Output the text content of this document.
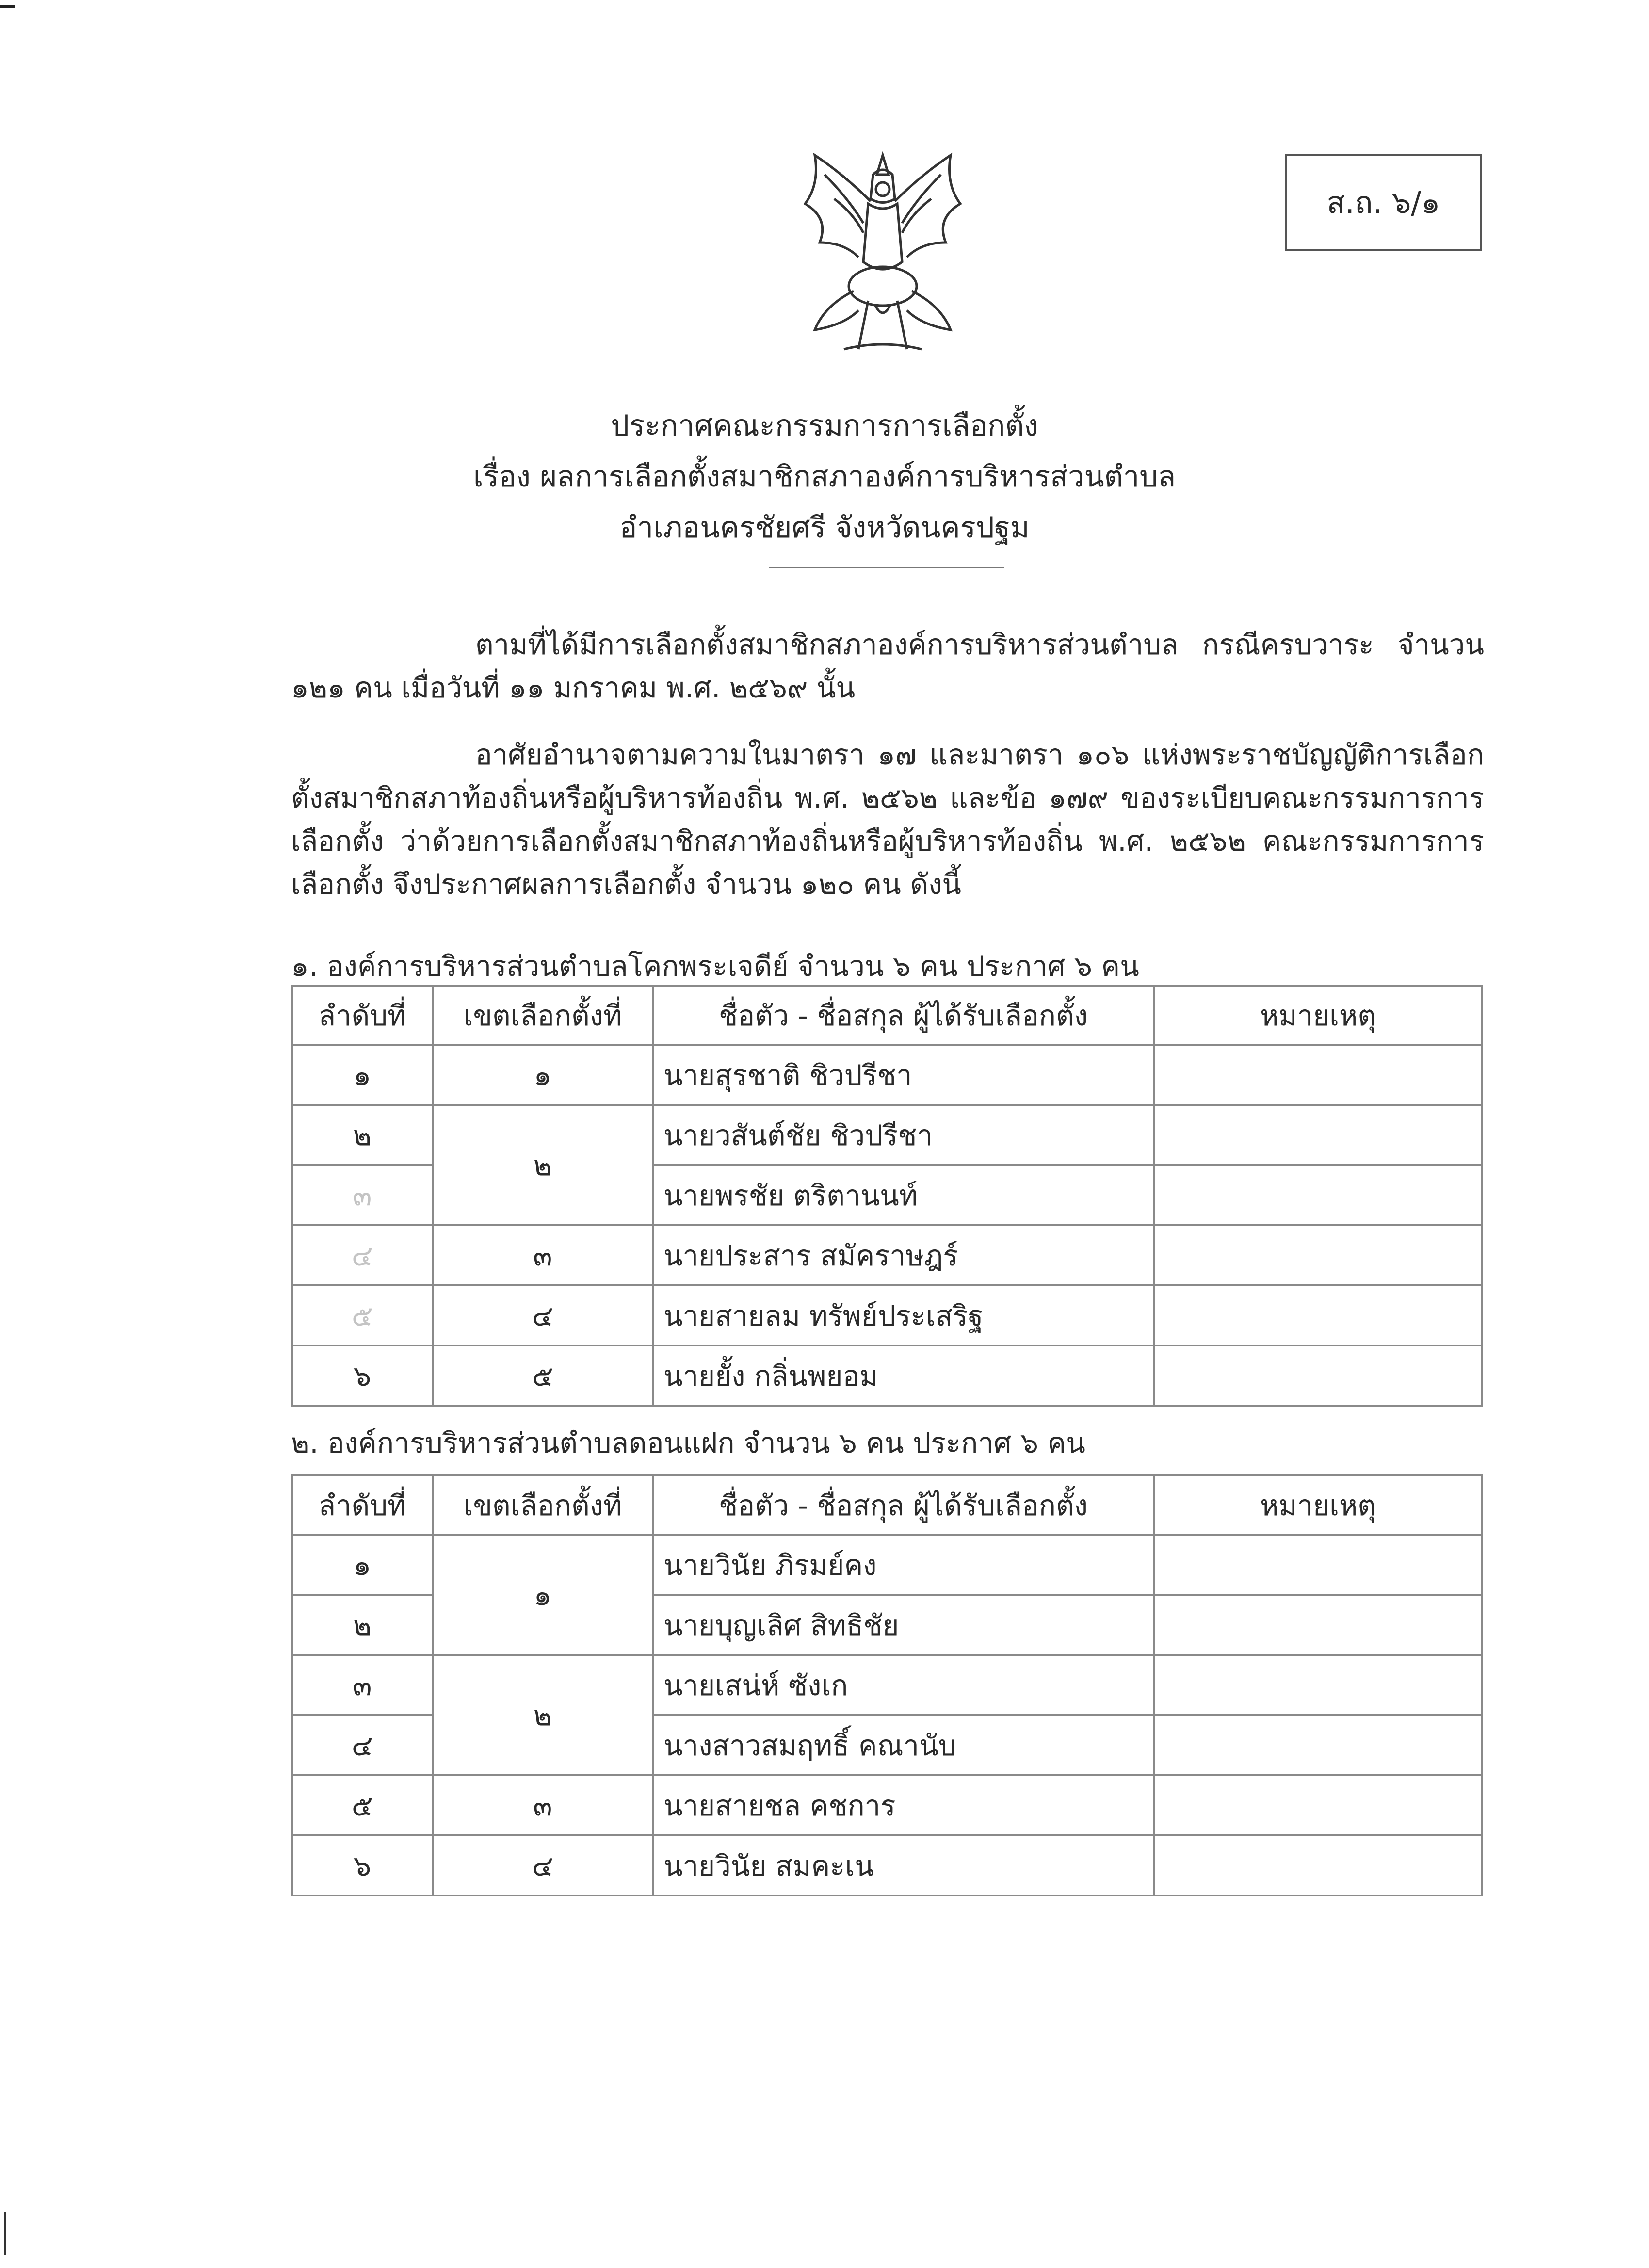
ส.ถ. ๖/๑
ประกาศคณะกรรมการการเลือกตั้ง
เรื่อง ผลการเลือกตั้งสมาชิกสภาองค์การบริหารส่วนตำบล
อำเภอนครชัยศรี จังหวัดนครปฐม
ตามที่ได้มีการเลือกตั้งสมาชิกสภาองค์การบริหารส่วนตำบล กรณีครบวาระ จำนวน ๑๒๑ คน เมื่อวันที่ ๑๑ มกราคม พ.ศ. ๒๕๖๙ นั้น
อาศัยอำนาจตามความในมาตรา ๑๗ และมาตรา ๑๐๖ แห่งพระราชบัญญัติการเลือกตั้งสมาชิกสภาท้องถิ่นหรือผู้บริหารท้องถิ่น พ.ศ. ๒๕๖๒ และข้อ ๑๗๙ ของระเบียบคณะกรรมการการเลือกตั้ง ว่าด้วยการเลือกตั้งสมาชิกสภาท้องถิ่นหรือผู้บริหารท้องถิ่น พ.ศ. ๒๕๖๒ คณะกรรมการการเลือกตั้ง จึงประกาศผลการเลือกตั้ง จำนวน ๑๒๐ คน ดังนี้
๑. องค์การบริหารส่วนตำบลโคกพระเจดีย์ จำนวน ๖ คน ประกาศ ๖ คน
ลำดับที่	เขตเลือกตั้งที่	ชื่อตัว - ชื่อสกุล ผู้ได้รับเลือกตั้ง	หมายเหตุ
๑	๑	นายสุรชาติ ชิวปรีชา	
๒	๒	นายวสันต์ชัย ชิวปรีชา	
๓		นายพรชัย ตริตานนท์	
๔	๓	นายประสาร สมัคราษฎร์	
๕	๔	นายสายลม ทรัพย์ประเสริฐ	
๖	๕	นายยั้ง กลิ่นพยอม	
๒. องค์การบริหารส่วนตำบลดอนแฝก จำนวน ๖ คน ประกาศ ๖ คน
ลำดับที่	เขตเลือกตั้งที่	ชื่อตัว - ชื่อสกุล ผู้ได้รับเลือกตั้ง	หมายเหตุ
๑	๑	นายวินัย ภิรมย์คง	
๒		นายบุญเลิศ สิทธิชัย	
๓	๒	นายเสน่ห์ ซังเก	
๔		นางสาวสมฤทธิ์ คณานับ	
๕	๓	นายสายชล คชการ	
๖	๔	นายวินัย สมคะเน	
